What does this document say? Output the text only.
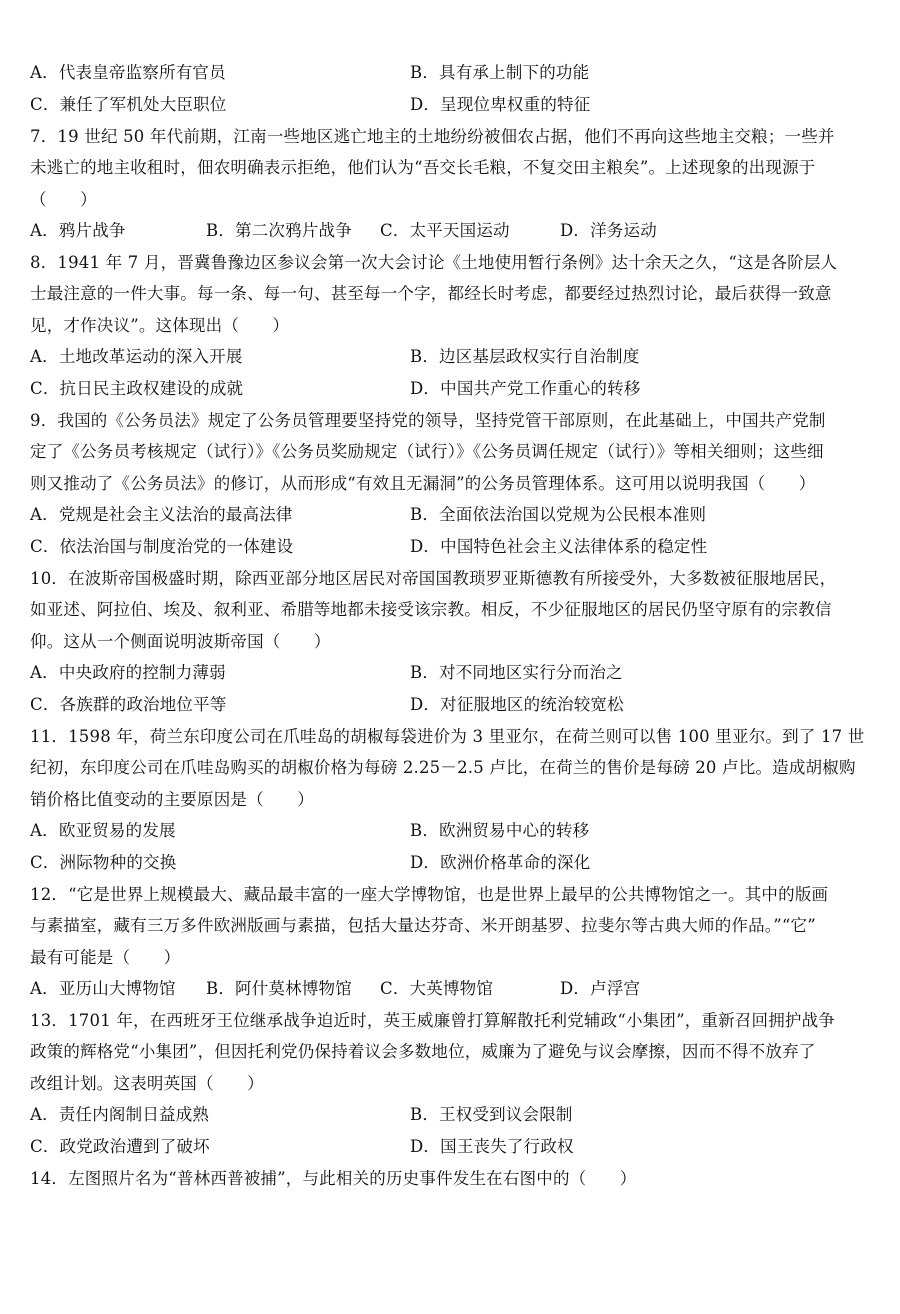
A．代表皇帝监察所有官员	B．具有承上制下的功能
C．兼任了军机处大臣职位	D．呈现位卑权重的特征
7．19 世纪 50 年代前期，江南一些地区逃亡地主的土地纷纷被佃农占据，他们不再向这些地主交粮；一些并
未逃亡的地主收租时，佃农明确表示拒绝，他们认为“吾交长毛粮，不复交田主粮矣”。上述现象的出现源于
（　　）
A．鸦片战争	B．第二次鸦片战争 C．太平天国运动	D．洋务运动
8．1941 年 7 月，晋冀鲁豫边区参议会第一次大会讨论《土地使用暂行条例》达十余天之久，“这是各阶层人
士最注意的一件大事。每一条、每一句、甚至每一个字，都经长时考虑，都要经过热烈讨论，最后获得一致意
见，才作决议”。这体现出（　　）
A．土地改革运动的深入开展	B．边区基层政权实行自治制度
C．抗日民主政权建设的成就	D．中国共产党工作重心的转移
9．我国的《公务员法》规定了公务员管理要坚持党的领导，坚持党管干部原则，在此基础上，中国共产党制
定了《公务员考核规定（试行）》《公务员奖励规定（试行）》《公务员调任规定（试行）》等相关细则；这些细
则又推动了《公务员法》的修订，从而形成“有效且无漏洞”的公务员管理体系。这可用以说明我国（　　）
A．党规是社会主义法治的最高法律	B．全面依法治国以党规为公民根本准则
C．依法治国与制度治党的一体建设	D．中国特色社会主义法律体系的稳定性
10．在波斯帝国极盛时期，除西亚部分地区居民对帝国国教琐罗亚斯德教有所接受外，大多数被征服地居民，
如亚述、阿拉伯、埃及、叙利亚、希腊等地都未接受该宗教。相反，不少征服地区的居民仍坚守原有的宗教信
仰。这从一个侧面说明波斯帝国（　　）
A．中央政府的控制力薄弱	B．对不同地区实行分而治之
C．各族群的政治地位平等	D．对征服地区的统治较宽松
11．1598 年，荷兰东印度公司在爪哇岛的胡椒每袋进价为 3 里亚尔，在荷兰则可以售 100 里亚尔。到了 17 世
纪初，东印度公司在爪哇岛购买的胡椒价格为每磅 2.25－2.5 卢比，在荷兰的售价是每磅 20 卢比。造成胡椒购
销价格比值变动的主要原因是（　　）
A．欧亚贸易的发展	B．欧洲贸易中心的转移
C．洲际物种的交换	D．欧洲价格革命的深化
12．“它是世界上规模最大、藏品最丰富的一座大学博物馆，也是世界上最早的公共博物馆之一。其中的版画
与素描室，藏有三万多件欧洲版画与素描，包括大量达芬奇、米开朗基罗、拉斐尔等古典大师的作品。”“它”
最有可能是（　　）
A．亚历山大博物馆 B．阿什莫林博物馆 C．大英博物馆	D．卢浮宫
13．1701 年，在西班牙王位继承战争迫近时，英王威廉曾打算解散托利党辅政“小集团”，重新召回拥护战争
政策的辉格党“小集团”，但因托利党仍保持着议会多数地位，威廉为了避免与议会摩擦，因而不得不放弃了
改组计划。这表明英国（　　）
A．责任内阁制日益成熟	B．王权受到议会限制
C．政党政治遭到了破坏	D．国王丧失了行政权
14．左图照片名为“普林西普被捕”，与此相关的历史事件发生在右图中的（　　）
